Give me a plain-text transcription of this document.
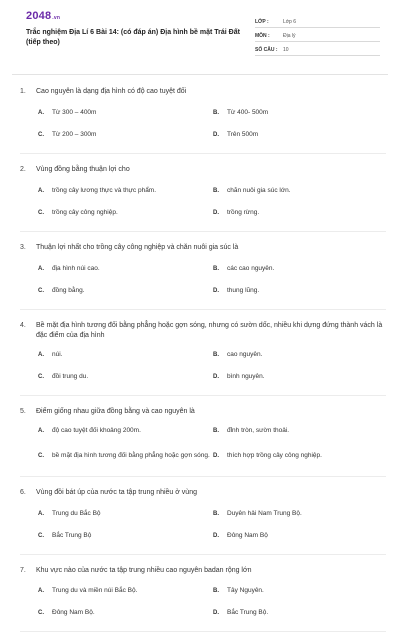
2048 .vn
Trắc nghiệm Địa Lí 6 Bài 14: (có đáp án) Địa hình bề mặt Trái Đất (tiếp theo)
LỚP :	Lớp 6
MÔN :	Địa lý
SỐ CÂU :	10
1.	Cao nguyên là dạng địa hình có độ cao tuyệt đối
A.	Từ 300 – 400m	B.	Từ 400- 500m
C.	Từ 200 – 300m	D.	Trên 500m
2.	Vùng đồng bằng thuận lợi cho
A.	trồng cây lương thực và thực phẩm.	B.	chăn nuôi gia súc lớn.
C.	trồng cây công nghiệp.	D.	trồng rừng.
3.	Thuận lợi nhất cho trồng cây công nghiệp và chăn nuôi gia súc là
A.	địa hình núi cao.	B.	các cao nguyên.
C.	đồng bằng.	D.	thung lũng.
4.	Bề mặt địa hình tương đối bằng phẳng hoặc gợn sóng, nhưng có sườn dốc, nhiều khi dựng đứng thành vách là đặc điểm của địa hình
A.	núi.	B.	cao nguyên.
C.	đồi trung du.	D.	bình nguyên.
5.	Điểm giống nhau giữa đồng bằng và cao nguyên là
A.	độ cao tuyệt đối khoảng 200m.	B.	đỉnh tròn, sườn thoải.
C.	bề mặt địa hình tương đối bằng phẳng hoặc gợn sóng. D.	thích hợp trồng cây công nghiệp.
6.	Vùng đồi bát úp của nước ta tập trung nhiều ở vùng
A.	Trung du Bắc Bộ	B.	Duyên hải Nam Trung Bộ.
C.	Bắc Trung Bộ	D.	Đông Nam Bộ
7.	Khu vực nào của nước ta tập trung nhiều cao nguyên badan rộng lớn
A.	Trung du và miền núi Bắc Bộ.	B.	Tây Nguyên.
C.	Đông Nam Bộ.	D.	Bắc Trung Bộ.
